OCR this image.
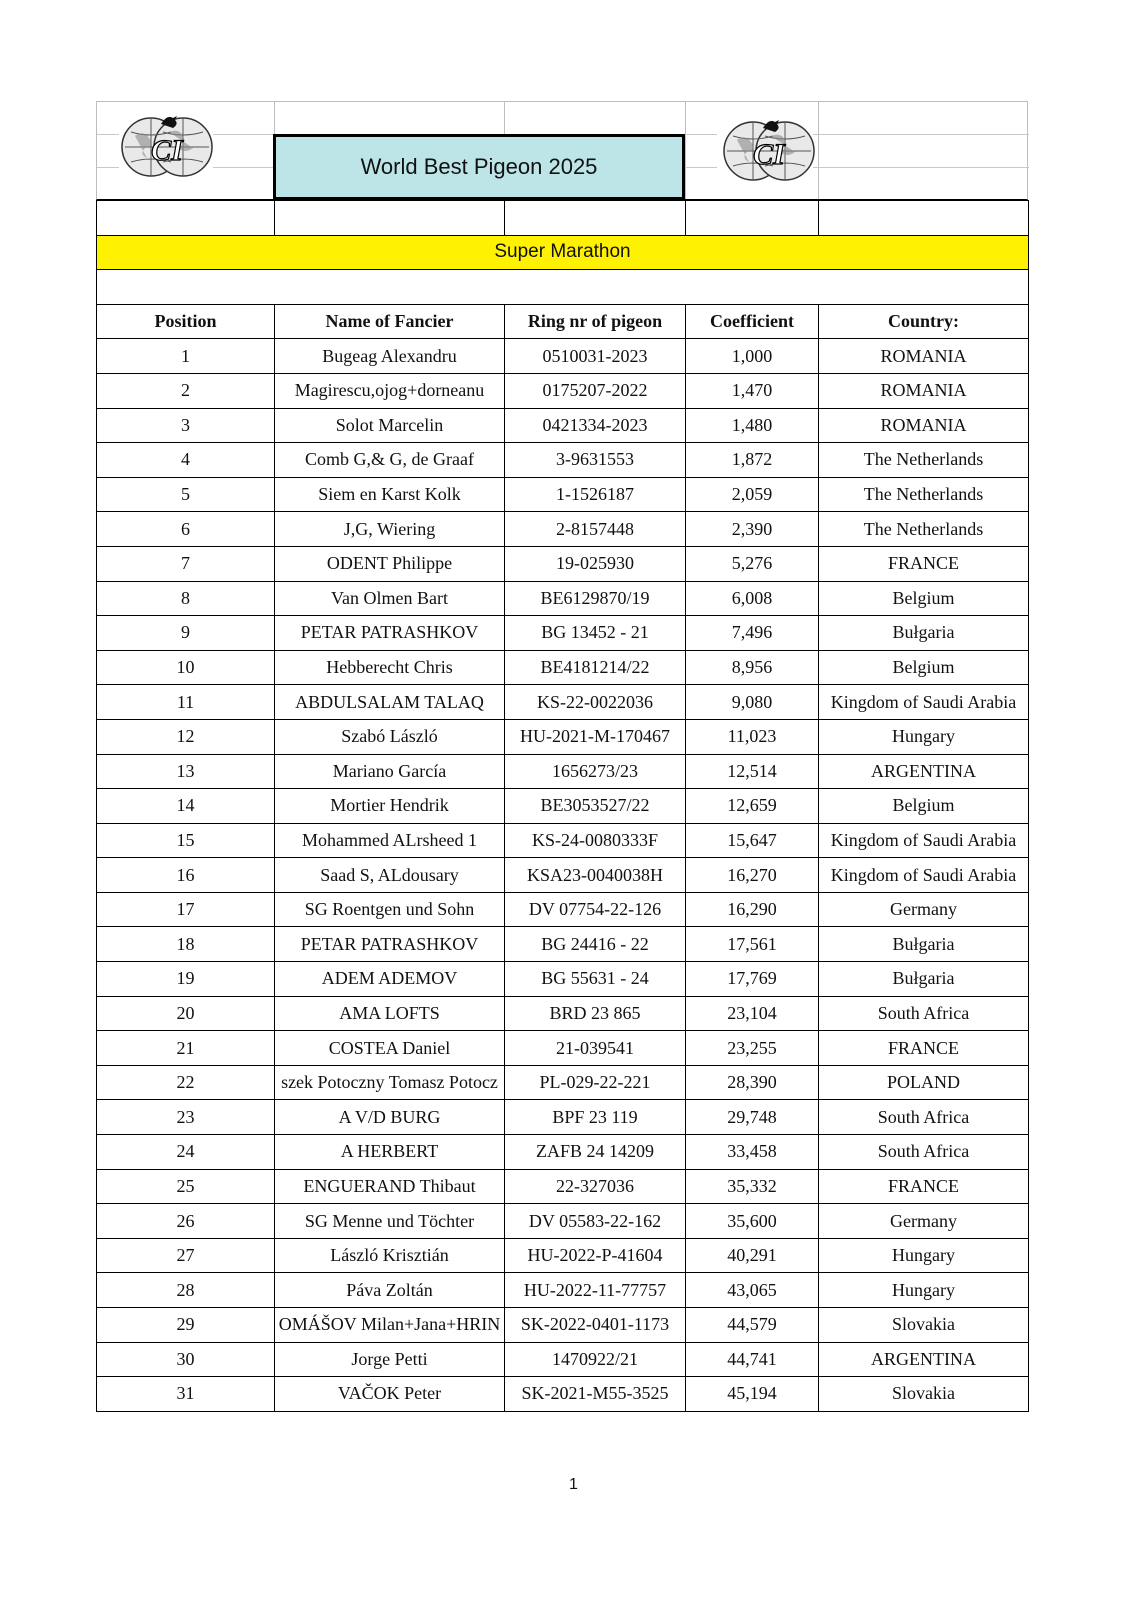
CI	CI
World Best Pigeon 2025

Super Marathon				

Position	Name of Fancier	Ring nr of pigeon	Coefficient	Country:
1	Bugeag Alexandru	0510031-2023	1,000	ROMANIA
2	Magirescu,ojog+dorneanu	0175207-2022	1,470	ROMANIA
3	Solot Marcelin	0421334-2023	1,480	ROMANIA
4	Comb G,& G, de Graaf	3-9631553	1,872	The Netherlands
5	Siem en Karst Kolk	1-1526187	2,059	The Netherlands
6	J,G, Wiering	2-8157448	2,390	The Netherlands
7	ODENT Philippe	19-025930	5,276	FRANCE
8	Van Olmen Bart	BE6129870/19	6,008	Belgium
9	PETAR PATRASHKOV	BG 13452 - 21	7,496	Bułgaria
10	Hebberecht Chris	BE4181214/22	8,956	Belgium
11	ABDULSALAM TALAQ	KS-22-0022036	9,080	Kingdom of Saudi Arabia
12	Szabó László	HU-2021-M-170467	11,023	Hungary
13	Mariano García	1656273/23	12,514	ARGENTINA
14	Mortier Hendrik	BE3053527/22	12,659	Belgium
15	Mohammed ALrsheed 1	KS-24-0080333F	15,647	Kingdom of Saudi Arabia
16	Saad S, ALdousary	KSA23-0040038H	16,270	Kingdom of Saudi Arabia
17	SG Roentgen und Sohn	DV 07754-22-126	16,290	Germany
18	PETAR PATRASHKOV	BG 24416 - 22	17,561	Bułgaria
19	ADEM ADEMOV	BG 55631 - 24	17,769	Bułgaria
20	AMA LOFTS	BRD 23 865	23,104	South Africa
21	COSTEA Daniel	21-039541	23,255	FRANCE
22	szek Potoczny Tomasz Potocz	PL-029-22-221	28,390	POLAND
23	A V/D BURG	BPF 23 119	29,748	South Africa
24	A HERBERT	ZAFB 24 14209	33,458	South Africa
25	ENGUERAND Thibaut	22-327036	35,332	FRANCE
26	SG Menne und Töchter	DV 05583-22-162	35,600	Germany
27	László Krisztián	HU-2022-P-41604	40,291	Hungary
28	Páva Zoltán	HU-2022-11-77757	43,065	Hungary
29	OMÁŠOV Milan+Jana+HRIN	SK-2022-0401-1173	44,579	Slovakia
30	Jorge Petti	1470922/21	44,741	ARGENTINA
31	VAČOK Peter	SK-2021-M55-3525	45,194	Slovakia
1
